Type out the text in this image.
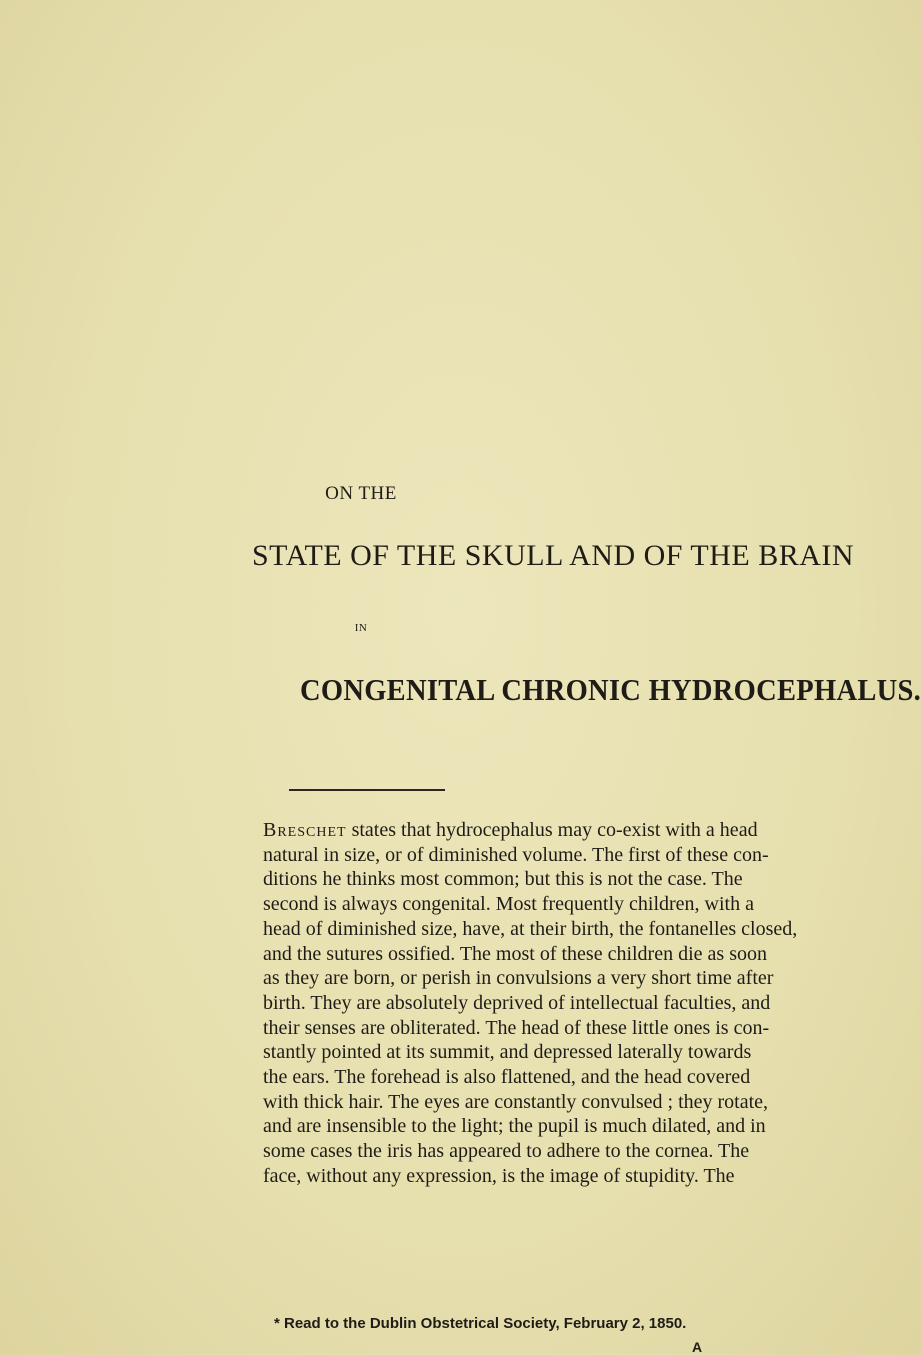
ON THE
STATE OF THE SKULL AND OF THE BRAIN
IN
CONGENITAL CHRONIC HYDROCEPHALUS.
Breschet states that hydrocephalus may co-exist with a head
natural in size, or of diminished volume. The first of these con-
ditions he thinks most common; but this is not the case. The
second is always congenital. Most frequently children, with a
head of diminished size, have, at their birth, the fontanelles closed,
and the sutures ossified. The most of these children die as soon
as they are born, or perish in convulsions a very short time after
birth. They are absolutely deprived of intellectual faculties, and
their senses are obliterated. The head of these little ones is con-
stantly pointed at its summit, and depressed laterally towards
the ears. The forehead is also flattened, and the head covered
with thick hair. The eyes are constantly convulsed ; they rotate,
and are insensible to the light; the pupil is much dilated, and in
some cases the iris has appeared to adhere to the cornea. The
face, without any expression, is the image of stupidity. The
* Read to the Dublin Obstetrical Society, February 2, 1850.
A
